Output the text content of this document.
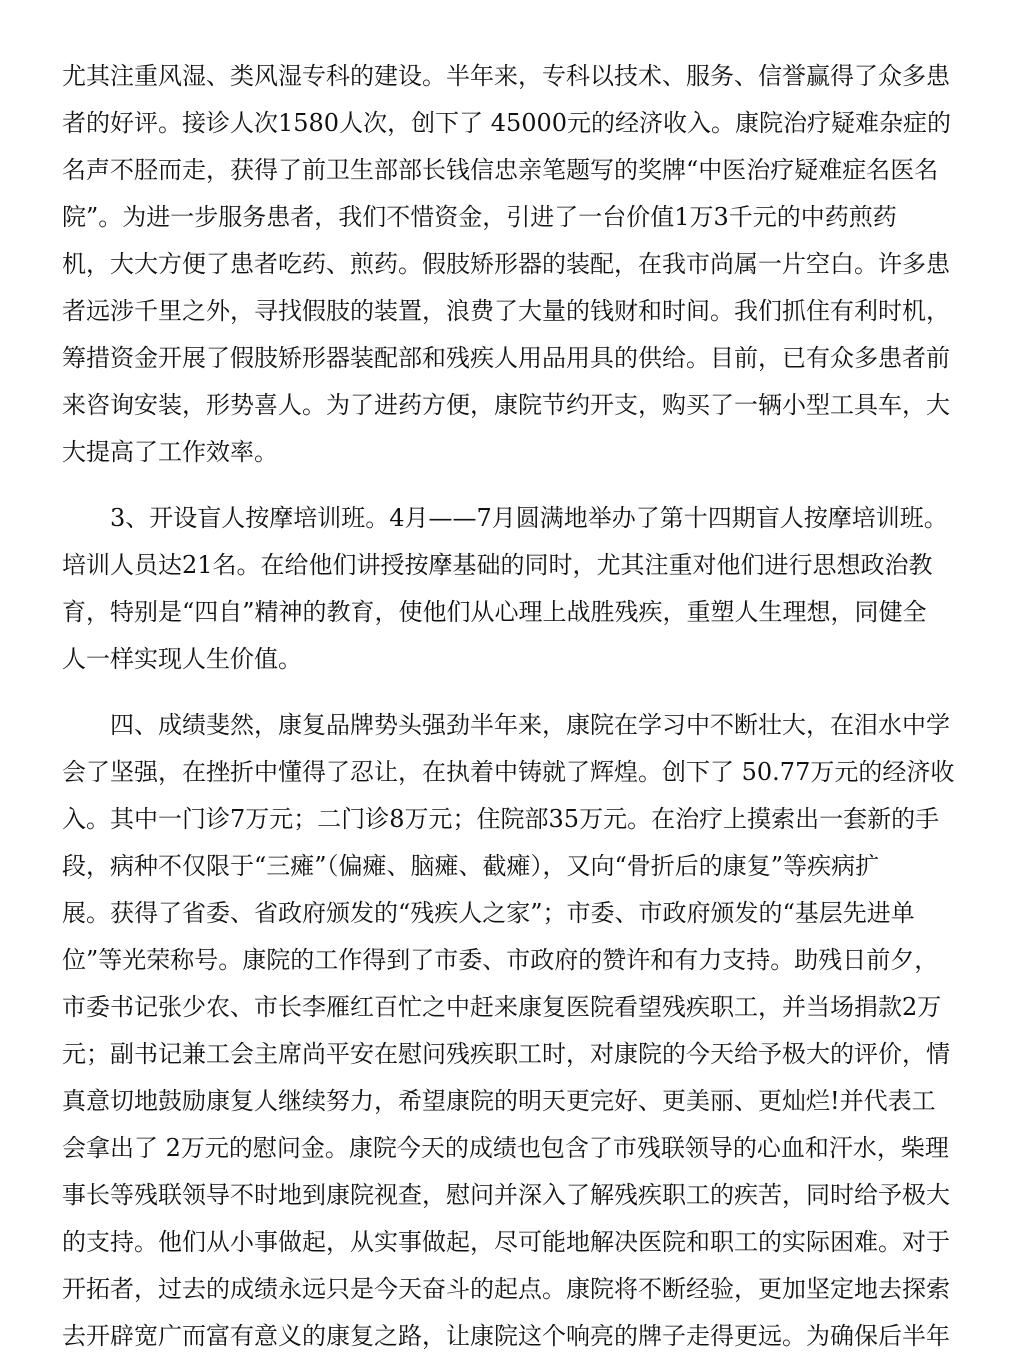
尤其注重风湿、类风湿专科的建设。半年来，专科以技术、服务、信誉赢得了众多患
者的好评。接诊人次1580人次，创下了 45000元的经济收入。康院治疗疑难杂症的
名声不胫而走，获得了前卫生部部长钱信忠亲笔题写的奖牌“中医治疗疑难症名医名
院”。为进一步服务患者，我们不惜资金，引进了一台价值1万3千元的中药煎药
机，大大方便了患者吃药、煎药。假肢矫形器的装配，在我市尚属一片空白。许多患
者远涉千里之外，寻找假肢的装置，浪费了大量的钱财和时间。我们抓住有利时机，
筹措资金开展了假肢矫形器装配部和残疾人用品用具的供给。目前，已有众多患者前
来咨询安装，形势喜人。为了进药方便，康院节约开支，购买了一辆小型工具车，大
大提高了工作效率。
3、开设盲人按摩培训班。4月——7月圆满地举办了第十四期盲人按摩培训班。
培训人员达21名。在给他们讲授按摩基础的同时，尤其注重对他们进行思想政治教
育，特别是“四自”精神的教育，使他们从心理上战胜残疾，重塑人生理想，同健全
人一样实现人生价值。
四、成绩斐然，康复品牌势头强劲半年来，康院在学习中不断壮大，在泪水中学
会了坚强，在挫折中懂得了忍让，在执着中铸就了辉煌。创下了 50.77万元的经济收
入。其中一门诊7万元；二门诊8万元；住院部35万元。在治疗上摸索出一套新的手
段，病种不仅限于“三瘫”（偏瘫、脑瘫、截瘫），又向“骨折后的康复”等疾病扩
展。获得了省委、省政府颁发的“残疾人之家”；市委、市政府颁发的“基层先进单
位”等光荣称号。康院的工作得到了市委、市政府的赞许和有力支持。助残日前夕，
市委书记张少农、市长李雁红百忙之中赶来康复医院看望残疾职工，并当场捐款2万
元；副书记兼工会主席尚平安在慰问残疾职工时，对康院的今天给予极大的评价，情
真意切地鼓励康复人继续努力，希望康院的明天更完好、更美丽、更灿烂!并代表工
会拿出了 2万元的慰问金。康院今天的成绩也包含了市残联领导的心血和汗水，柴理
事长等残联领导不时地到康院视查，慰问并深入了解残疾职工的疾苦，同时给予极大
的支持。他们从小事做起，从实事做起，尽可能地解决医院和职工的实际困难。对于
开拓者，过去的成绩永远只是今天奋斗的起点。康院将不断经验，更加坚定地去探索
去开辟宽广而富有意义的康复之路，让康院这个响亮的牌子走得更远。为确保后半年
